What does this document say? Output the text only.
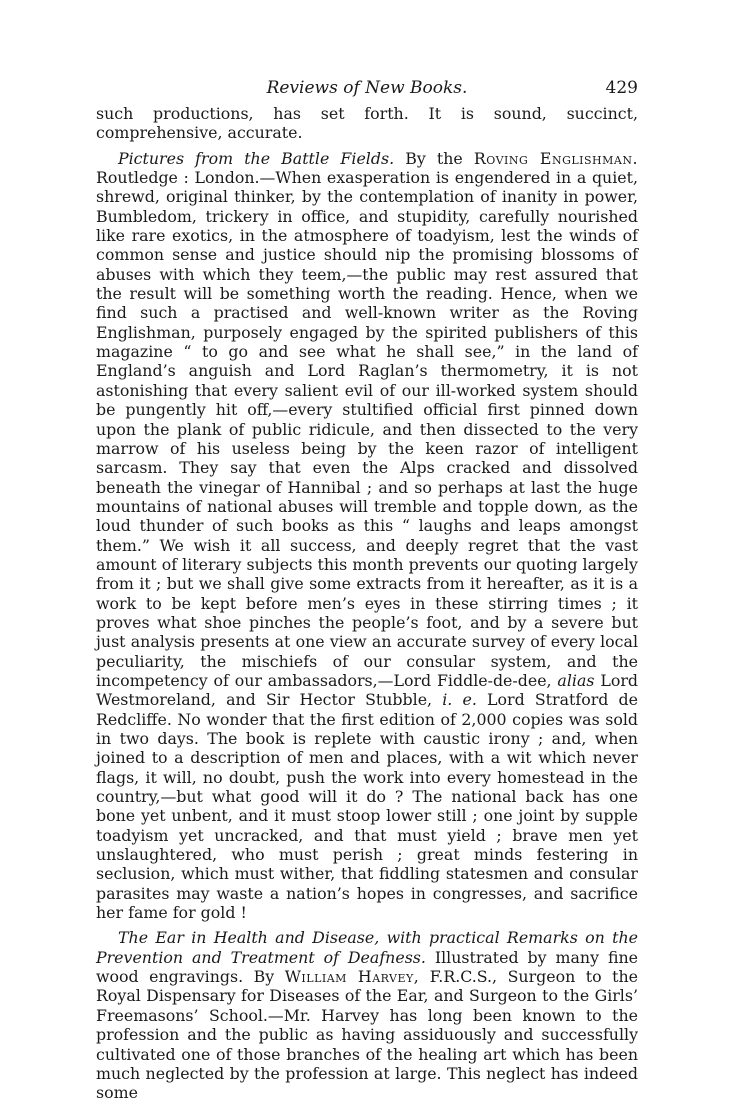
Reviews of New Books.	429

such productions, has set forth. It is sound, succinct, comprehensive, accurate.

Pictures from the Battle Fields. By the Roving Englishman. Routledge : London.—When exasperation is engendered in a quiet, shrewd, original thinker, by the contemplation of inanity in power, Bumbledom, trickery in office, and stupidity, carefully nourished like rare exotics, in the atmosphere of toadyism, lest the winds of common sense and justice should nip the promising blossoms of abuses with which they teem,—the public may rest assured that the result will be something worth the reading. Hence, when we find such a practised and well-known writer as the Roving Englishman, purposely engaged by the spirited publishers of this magazine “ to go and see what he shall see,” in the land of England’s anguish and Lord Raglan’s thermometry, it is not astonishing that every salient evil of our ill-worked system should be pungently hit off,—every stultified official first pinned down upon the plank of public ridicule, and then dissected to the very marrow of his useless being by the keen razor of intelligent sarcasm. They say that even the Alps cracked and dissolved beneath the vinegar of Hannibal ; and so perhaps at last the huge mountains of national abuses will tremble and topple down, as the loud thunder of such books as this “ laughs and leaps amongst them.” We wish it all success, and deeply regret that the vast amount of literary subjects this month prevents our quoting largely from it ; but we shall give some extracts from it hereafter, as it is a work to be kept before men’s eyes in these stirring times ; it proves what shoe pinches the people’s foot, and by a severe but just analysis presents at one view an accurate survey of every local peculiarity, the mischiefs of our consular system, and the incompetency of our ambassadors,—Lord Fiddle-de-dee, alias Lord Westmoreland, and Sir Hector Stubble, i. e. Lord Stratford de Redcliffe. No wonder that the first edition of 2,000 copies was sold in two days. The book is replete with caustic irony ; and, when joined to a description of men and places, with a wit which never flags, it will, no doubt, push the work into every homestead in the country,—but what good will it do ? The national back has one bone yet unbent, and it must stoop lower still ; one joint by supple toadyism yet uncracked, and that must yield ; brave men yet unslaughtered, who must perish ; great minds festering in seclusion, which must wither, that fiddling statesmen and consular parasites may waste a nation’s hopes in congresses, and sacrifice her fame for gold !

The Ear in Health and Disease, with practical Remarks on the Prevention and Treatment of Deafness. Illustrated by many fine wood engravings. By William Harvey, F.R.C.S., Surgeon to the Royal Dispensary for Diseases of the Ear, and Surgeon to the Girls’ Freemasons’ School.—Mr. Harvey has long been known to the profession and the public as having assiduously and successfully cultivated one of those branches of the healing art which has been much neglected by the profession at large. This neglect has indeed some
